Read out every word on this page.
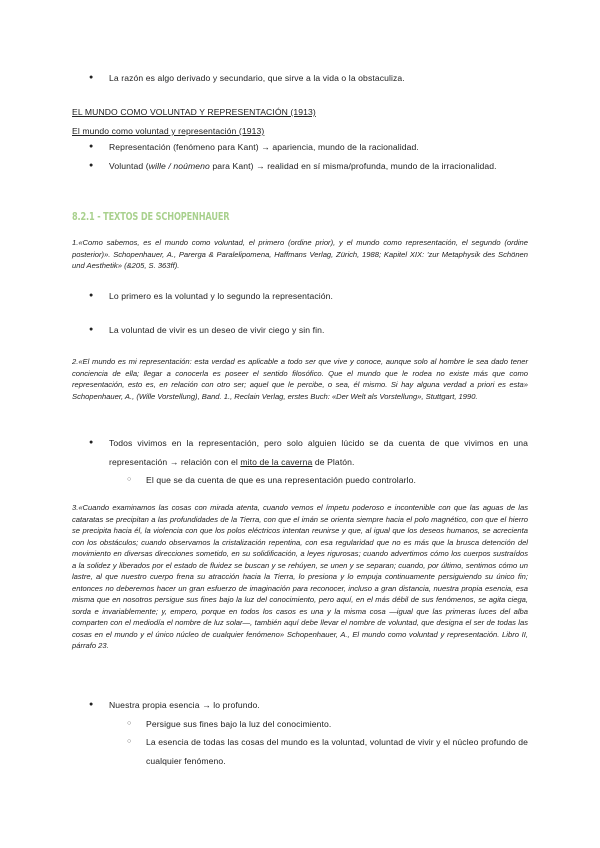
● La razón es algo derivado y secundario, que sirve a la vida o la obstaculiza.
EL MUNDO COMO VOLUNTAD Y REPRESENTACIÓN (1913)
El mundo como voluntad y representación (1913)
● Representación (fenómeno para Kant) → apariencia, mundo de la racionalidad.
● Voluntad (wille / noúmeno para Kant) → realidad en sí misma/profunda, mundo de la irracionalidad.
8.2.1 - TEXTOS DE SCHOPENHAUER
1.«Como sabemos, es el mundo como voluntad, el primero (ordine prior), y el mundo como representación, el segundo (ordine posterior)». Schopenhauer, A., Parerga & Paralelipomena, Haffmans Verlag, Zürich, 1988; Kapitel XIX: 'zur Metaphysik des Schönen und Aesthetik» (&205, S. 363ff).
● Lo primero es la voluntad y lo segundo la representación.
● La voluntad de vivir es un deseo de vivir ciego y sin fin.
2.«El mundo es mi representación: esta verdad es aplicable a todo ser que vive y conoce, aunque solo al hombre le sea dado tener conciencia de ella; llegar a conocerla es poseer el sentido filosófico. Que el mundo que le rodea no existe más que como representación, esto es, en relación con otro ser; aquel que le percibe, o sea, él mismo. Si hay alguna verdad a priori es esta» Schopenhauer, A., (Wille Vorstellung), Band. 1., Reclain Verlag, erstes Buch: «Der Welt als Vorstellung», Stuttgart, 1990.
● Todos vivimos en la representación, pero solo alguien lúcido se da cuenta de que vivimos en una representación → relación con el mito de la caverna de Platón.
○ El que se da cuenta de que es una representación puedo controlarlo.
3.«Cuando examinamos las cosas con mirada atenta, cuando vemos el ímpetu poderoso e incontenible con que las aguas de las cataratas se precipitan a las profundidades de la Tierra, con que el imán se orienta siempre hacia el polo magnético, con que el hierro se precipita hacia él, la violencia con que los polos eléctricos intentan reunirse y que, al igual que los deseos humanos, se acrecienta con los obstáculos; cuando observamos la cristalización repentina, con esa regularidad que no es más que la brusca detención del movimiento en diversas direcciones sometido, en su solidificación, a leyes rigurosas; cuando advertimos cómo los cuerpos sustraídos a la solidez y liberados por el estado de fluidez se buscan y se rehúyen, se unen y se separan; cuando, por último, sentimos cómo un lastre, al que nuestro cuerpo frena su atracción hacia la Tierra, lo presiona y lo empuja continuamente persiguiendo su único fin; entonces no deberemos hacer un gran esfuerzo de imaginación para reconocer, incluso a gran distancia, nuestra propia esencia, esa misma que en nosotros persigue sus fines bajo la luz del conocimiento, pero aquí, en el más débil de sus fenómenos, se agita ciega, sorda e invariablemente; y, empero, porque en todos los casos es una y la misma cosa —igual que las primeras luces del alba comparten con el mediodía el nombre de luz solar—, también aquí debe llevar el nombre de voluntad, que designa el ser de todas las cosas en el mundo y el único núcleo de cualquier fenómeno» Schopenhauer, A., El mundo como voluntad y representación. Libro II, párrafo 23.
● Nuestra propia esencia → lo profundo.
○ Persigue sus fines bajo la luz del conocimiento.
○ La esencia de todas las cosas del mundo es la voluntad, voluntad de vivir y el núcleo profundo de cualquier fenómeno.
